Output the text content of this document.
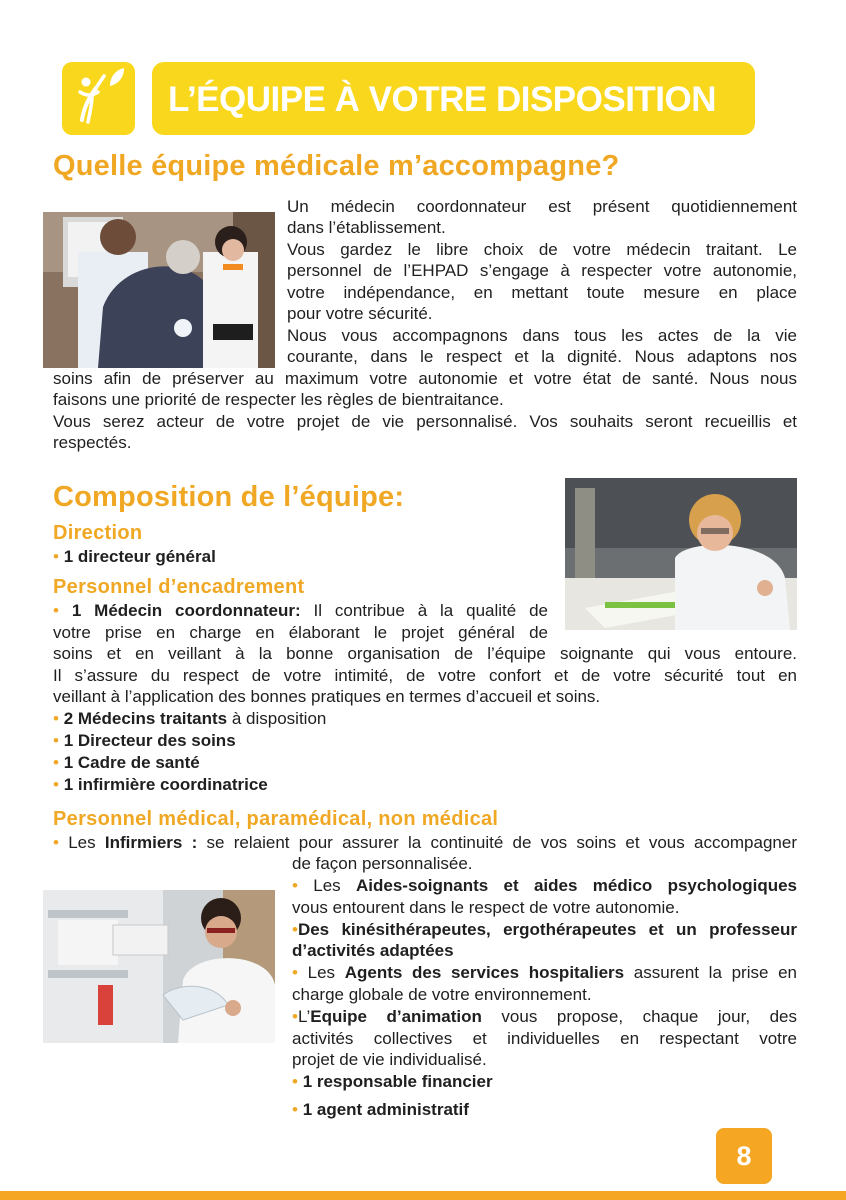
L’ÉQUIPE À VOTRE DISPOSITION
Quelle équipe médicale m’accompagne?
Un médecin coordonnateur est présent quotidiennement
dans l’établissement.
Vous gardez le libre choix de votre médecin traitant. Le
personnel de l’EHPAD s’engage à respecter votre autonomie,
votre indépendance, en mettant toute mesure en place
pour votre sécurité.
Nous vous accompagnons dans tous les actes de la vie
courante, dans le respect et la dignité. Nous adaptons nos
soins afin de préserver au maximum votre autonomie et votre état de santé. Nous nous
faisons une priorité de respecter les règles de bientraitance.
Vous serez acteur de votre projet de vie personnalisé. Vos souhaits seront recueillis et
respectés.
Composition de l’équipe:
Direction
• 1 directeur général
Personnel d’encadrement
• 1 Médecin coordonnateur: Il contribue à la qualité de
votre prise en charge en élaborant le projet général de
soins et en veillant à la bonne organisation de l’équipe soignante qui vous entoure.
Il s’assure du respect de votre intimité, de votre confort et de votre sécurité tout en
veillant à l’application des bonnes pratiques en termes d’accueil et soins.
• 2 Médecins traitants à disposition
• 1 Directeur des soins
• 1 Cadre de santé
• 1 infirmière coordinatrice
Personnel médical, paramédical, non médical
• Les Infirmiers : se relaient pour assurer la continuité de vos soins et vous accompagner
de façon personnalisée.
• Les Aides-soignants et aides médico psychologiques
vous entourent dans le respect de votre autonomie.
•Des kinésithérapeutes, ergothérapeutes et un professeur
d’activités adaptées
• Les Agents des services hospitaliers assurent la prise en
charge globale de votre environnement.
•L’Equipe d’animation vous propose, chaque jour, des
activités collectives et individuelles en respectant votre
projet de vie individualisé.
• 1 responsable financier
• 1 agent administratif
8
